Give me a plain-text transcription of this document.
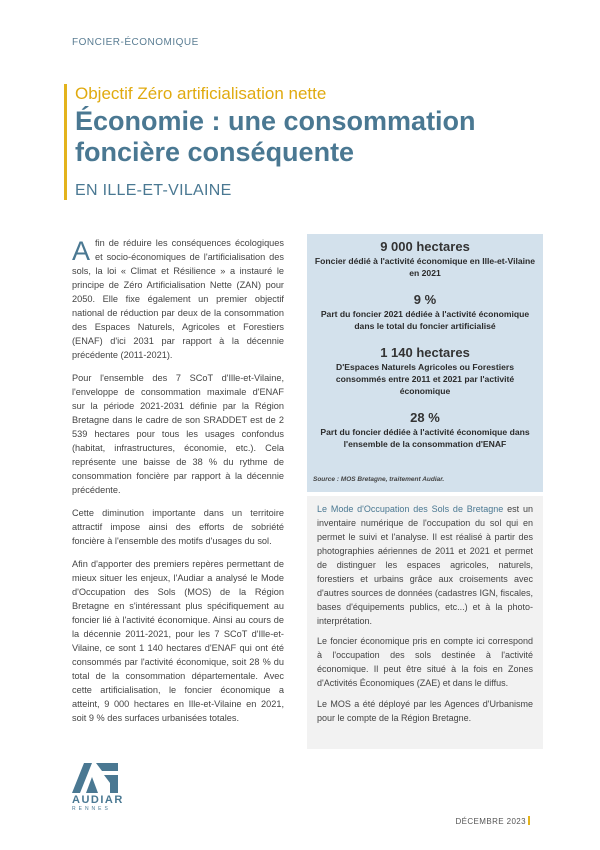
FONCIER-ÉCONOMIQUE
Objectif Zéro artificialisation nette
Économie : une consommation foncière conséquente
EN ILLE-ET-VILAINE

Afin de réduire les conséquences écologiques et socio-économiques de l'artificialisation des sols, la loi « Climat et Résilience » a instauré le principe de Zéro Artificialisation Nette (ZAN) pour 2050. Elle fixe également un premier objectif national de réduction par deux de la consommation des Espaces Naturels, Agricoles et Forestiers (ENAF) d'ici 2031 par rapport à la décennie précédente (2011-2021).

Pour l'ensemble des 7 SCoT d'Ille-et-Vilaine, l'enveloppe de consommation maximale d'ENAF sur la période 2021-2031 définie par la Région Bretagne dans le cadre de son SRADDET est de 2 539 hectares pour tous les usages confondus (habitat, infrastructures, économie, etc.). Cela représente une baisse de 38 % du rythme de consommation foncière par rapport à la décennie précédente.

Cette diminution importante dans un territoire attractif impose ainsi des efforts de sobriété foncière à l'ensemble des motifs d'usages du sol.

Afin d'apporter des premiers repères permettant de mieux situer les enjeux, l'Audiar a analysé le Mode d'Occupation des Sols (MOS) de la Région Bretagne en s'intéressant plus spécifiquement au foncier lié à l'activité économique. Ainsi au cours de la décennie 2011-2021, pour les 7 SCoT d'Ille-et-Vilaine, ce sont 1 140 hectares d'ENAF qui ont été consommés par l'activité économique, soit 28 % du total de la consommation départementale. Avec cette artificialisation, le foncier économique a atteint, 9 000 hectares en Ille-et-Vilaine en 2021, soit 9 % des surfaces urbanisées totales.

9 000 hectares
Foncier dédié à l'activité économique en Ille-et-Vilaine en 2021
9 %
Part du foncier 2021 dédiée à l'activité économique dans le total du foncier artificialisé
1 140 hectares
D'Espaces Naturels Agricoles ou Forestiers consommés entre 2011 et 2021 par l'activité économique
28 %
Part du foncier dédiée à l'activité économique dans l'ensemble de la consommation d'ENAF
Source : MOS Bretagne, traitement Audiar.

Le Mode d'Occupation des Sols de Bretagne est un inventaire numérique de l'occupation du sol qui en permet le suivi et l'analyse. Il est réalisé à partir des photographies aériennes de 2011 et 2021 et permet de distinguer les espaces agricoles, naturels, forestiers et urbains grâce aux croisements avec d'autres sources de données (cadastres IGN, fiscales, bases d'équipements publics, etc...) et à la photo-interprétation.

Le foncier économique pris en compte ici correspond à l'occupation des sols destinée à l'activité économique. Il peut être situé à la fois en Zones d'Activités Économiques (ZAE) et dans le diffus.

Le MOS a été déployé par les Agences d'Urbanisme pour le compte de la Région Bretagne.

AUDIAR
RENNES
DÉCEMBRE 2023
